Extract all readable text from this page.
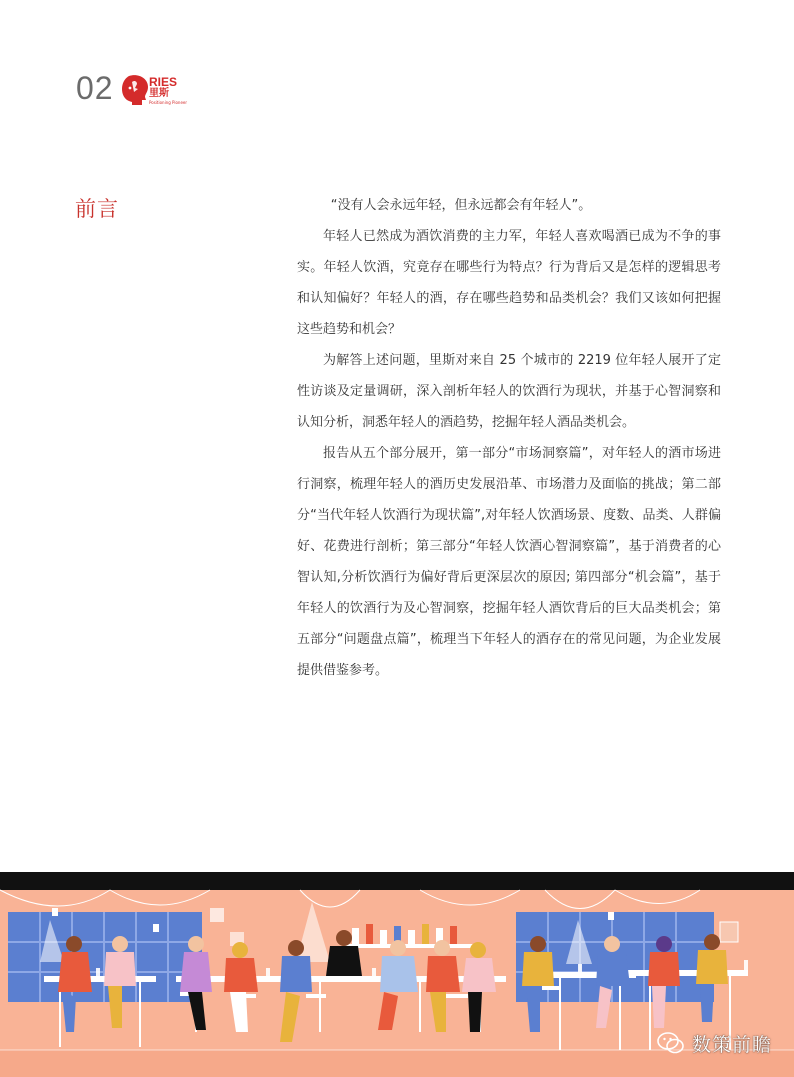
02	RIES
里斯
Positioning Pioneer
前言	“没有人会永远年轻，但永远都会有年轻人”。

年轻人已然成为酒饮消费的主力军，年轻人喜欢喝酒已成为不争的事实。年轻人饮酒，究竟存在哪些行为特点？行为背后又是怎样的逻辑思考和认知偏好？年轻人的酒，存在哪些趋势和品类机会？我们又该如何把握这些趋势和机会？

为解答上述问题，里斯对来自 25 个城市的 2219 位年轻人展开了定性访谈及定量调研，深入剖析年轻人的饮酒行为现状，并基于心智洞察和认知分析，洞悉年轻人的酒趋势，挖掘年轻人酒品类机会。

报告从五个部分展开，第一部分“市场洞察篇”，对年轻人的酒市场进行洞察，梳理年轻人的酒历史发展沿革、市场潜力及面临的挑战；第二部分“当代年轻人饮酒行为现状篇”,对年轻人饮酒场景、度数、品类、人群偏好、花费进行剖析；第三部分“年轻人饮酒心智洞察篇”，基于消费者的心智认知,分析饮酒行为偏好背后更深层次的原因; 第四部分“机会篇”，基于年轻人的饮酒行为及心智洞察，挖掘年轻人酒饮背后的巨大品类机会；第五部分“问题盘点篇”，梳理当下年轻人的酒存在的常见问题，为企业发展提供借鉴参考。

数策前瞻
